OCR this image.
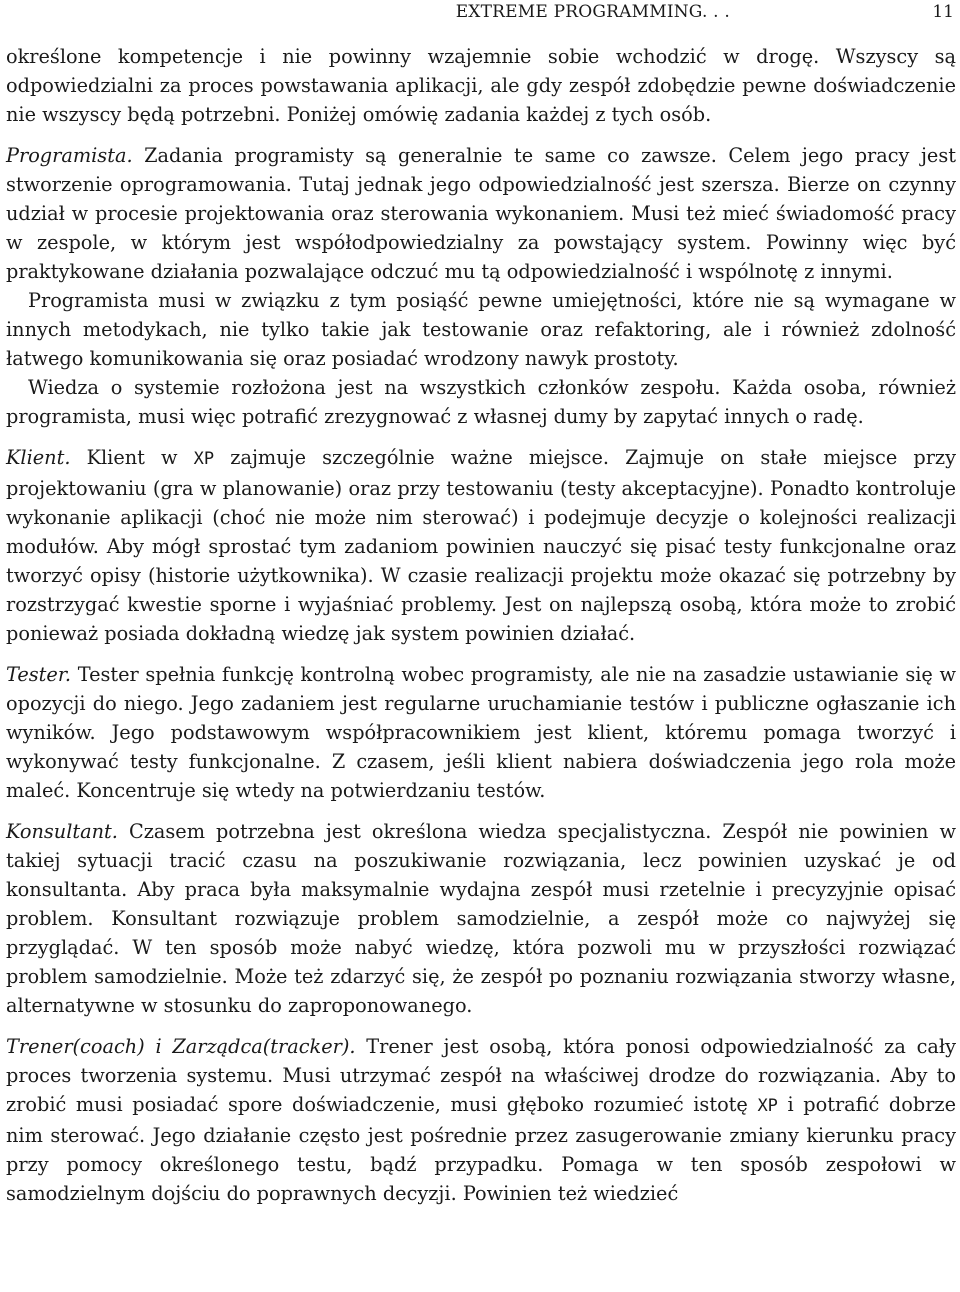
EXTREME PROGRAMMING. . .	11

określone kompetencje i nie powinny wzajemnie sobie wchodzić w drogę. Wszyscy są odpowiedzialni za proces powstawania aplikacji, ale gdy zespół zdobędzie pewne doświadczenie nie wszyscy będą potrzebni. Poniżej omówię zadania każdej z tych osób.

Programista. Zadania programisty są generalnie te same co zawsze. Celem jego pracy jest stworzenie oprogramowania. Tutaj jednak jego odpowiedzialność jest szersza. Bierze on czynny udział w procesie projektowania oraz sterowania wykonaniem. Musi też mieć świadomość pracy w zespole, w którym jest współodpowiedzialny za powstający system. Powinny więc być praktykowane działania pozwalające odczuć mu tą odpowiedzialność i wspólnotę z innymi.

Programista musi w związku z tym posiąść pewne umiejętności, które nie są wymagane w innych metodykach, nie tylko takie jak testowanie oraz refaktoring, ale i również zdolność łatwego komunikowania się oraz posiadać wrodzony nawyk prostoty.

Wiedza o systemie rozłożona jest na wszystkich członków zespołu. Każda osoba, również programista, musi więc potrafić zrezygnować z własnej dumy by zapytać innych o radę.

Klient. Klient w XP zajmuje szczególnie ważne miejsce. Zajmuje on stałe miejsce przy projektowaniu (gra w planowanie) oraz przy testowaniu (testy akceptacyjne). Ponadto kontroluje wykonanie aplikacji (choć nie może nim sterować) i podejmuje decyzje o kolejności realizacji modułów. Aby mógł sprostać tym zadaniom powinien nauczyć się pisać testy funkcjonalne oraz tworzyć opisy (historie użytkownika). W czasie realizacji projektu może okazać się potrzebny by rozstrzygać kwestie sporne i wyjaśniać problemy. Jest on najlepszą osobą, która może to zrobić ponieważ posiada dokładną wiedzę jak system powinien działać.

Tester. Tester spełnia funkcję kontrolną wobec programisty, ale nie na zasadzie ustawianie się w opozycji do niego. Jego zadaniem jest regularne uruchamianie testów i publiczne ogłaszanie ich wyników. Jego podstawowym współpracownikiem jest klient, któremu pomaga tworzyć i wykonywać testy funkcjonalne. Z czasem, jeśli klient nabiera doświadczenia jego rola może maleć. Koncentruje się wtedy na potwierdzaniu testów.

Konsultant. Czasem potrzebna jest określona wiedza specjalistyczna. Zespół nie powinien w takiej sytuacji tracić czasu na poszukiwanie rozwiązania, lecz powinien uzyskać je od konsultanta. Aby praca była maksymalnie wydajna zespół musi rzetelnie i precyzyjnie opisać problem. Konsultant rozwiązuje problem samodzielnie, a zespół może co najwyżej się przyglądać. W ten sposób może nabyć wiedzę, która pozwoli mu w przyszłości rozwiązać problem samodzielnie. Może też zdarzyć się, że zespół po poznaniu rozwiązania stworzy własne, alternatywne w stosunku do zaproponowanego.

Trener(coach) i Zarządca(tracker). Trener jest osobą, która ponosi odpowiedzialność za cały proces tworzenia systemu. Musi utrzymać zespół na właściwej drodze do rozwiązania. Aby to zrobić musi posiadać spore doświadczenie, musi głęboko rozumieć istotę XP i potrafić dobrze nim sterować. Jego działanie często jest pośrednie przez zasugerowanie zmiany kierunku pracy przy pomocy określonego testu, bądź przypadku. Pomaga w ten sposób zespołowi w samodzielnym dojściu do poprawnych decyzji. Powinien też wiedzieć
